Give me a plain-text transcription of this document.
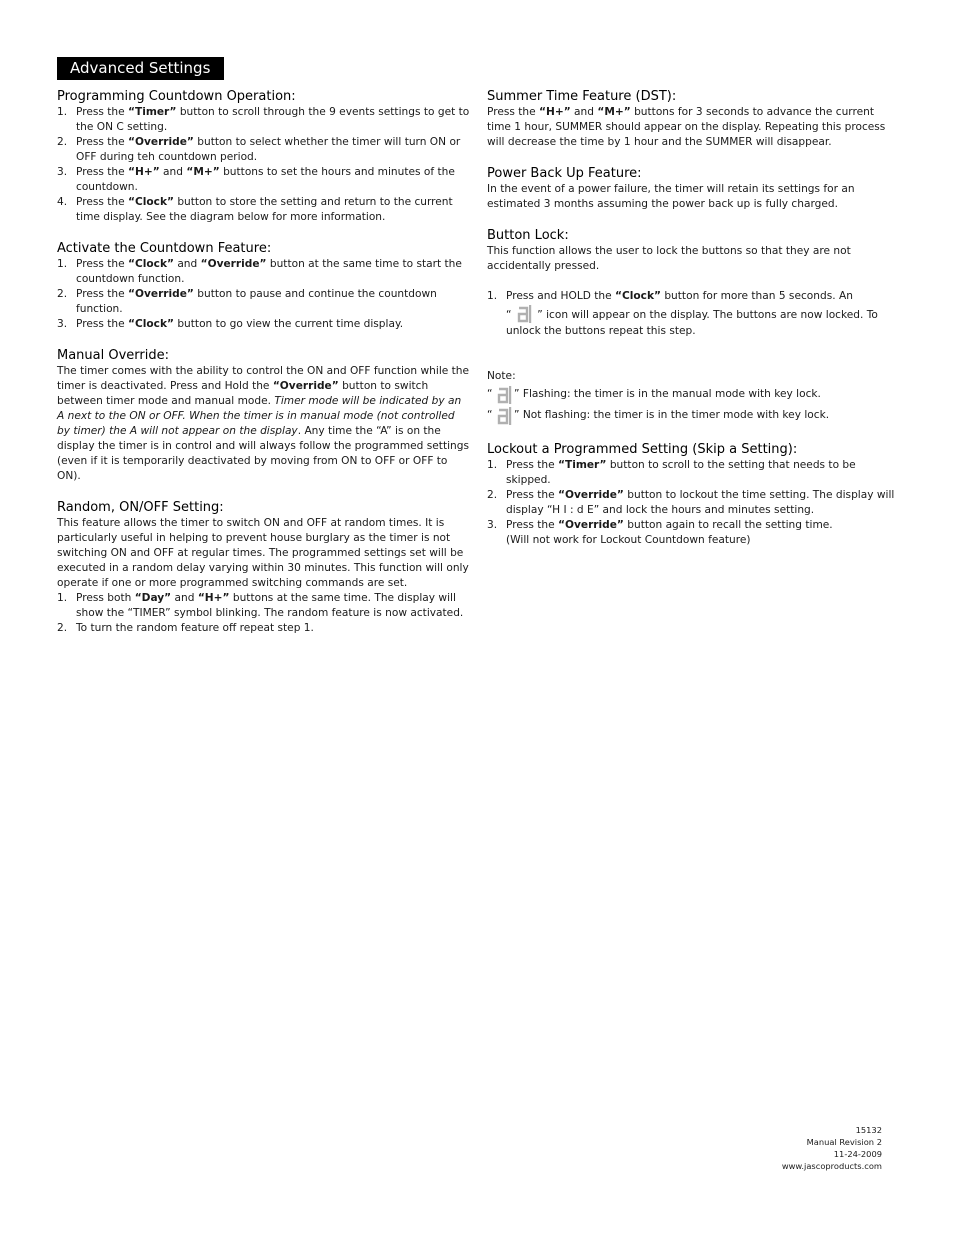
Advanced Settings
Programming Countdown Operation:
1. Press the “Timer” button to scroll through the 9 events settings to get to the ON C setting.
2. Press the “Override” button to select whether the timer will turn ON or OFF during teh countdown period.
3. Press the “H+” and “M+” buttons to set the hours and minutes of the countdown.
4. Press the “Clock” button to store the setting and return to the current time display. See the diagram below for more information.
Activate the Countdown Feature:
1. Press the “Clock” and “Override” button at the same time to start the countdown function.
2. Press the “Override” button to pause and continue the countdown function.
3. Press the “Clock” button to go view the current time display.
Manual Override:

The timer comes with the ability to control the ON and OFF function while the timer is deactivated. Press and Hold the “Override” button to switch between timer mode and manual mode. Timer mode will be indicated by an A next to the ON or OFF. When the timer is in manual mode (not controlled by timer) the A will not appear on the display. Any time the “A” is on the display the timer is in control and will always follow the programmed settings (even if it is temporarily deactivated by moving from ON to OFF or OFF to ON).

Random, ON/OFF Setting:

This feature allows the timer to switch ON and OFF at random times. It is particularly useful in helping to prevent house burglary as the timer is not switching ON and OFF at regular times. The programmed settings set will be executed in a random delay varying within 30 minutes. This function will only operate if one or more programmed switching commands are set.

1. Press both “Day” and “H+” buttons at the same time. The display will show the “TIMER” symbol blinking. The random feature is now activated.
2. To turn the random feature off repeat step 1.
Summer Time Feature (DST):

Press the “H+” and “M+” buttons for 3 seconds to advance the current time 1 hour, SUMMER should appear on the display. Repeating this process will decrease the time by 1 hour and the SUMMER will disappear.

Power Back Up Feature:

In the event of a power failure, the timer will retain its settings for an estimated 3 months assuming the power back up is fully charged.

Button Lock:

This function allows the user to lock the buttons so that they are not accidentally pressed.

1. Press and HOLD the “Clock” button for more than 5 seconds. An
“  ” icon will appear on the display. The buttons are now locked. To unlock the buttons repeat this step.

Note:

“ ” Flashing: the timer is in the manual mode with key lock.
“ ” Not flashing: the timer is in the timer mode with key lock.
Lockout a Programmed Setting (Skip a Setting):
1. Press the “Timer” button to scroll to the setting that needs to be skipped.
2. Press the “Override” button to lockout the time setting. The display will display “H I : d E” and lock the hours and minutes setting.
3. Press the “Override” button again to recall the setting time.
(Will not work for Lockout Countdown feature)
15132
Manual Revision 2
11-24-2009
www.jascoproducts.com
